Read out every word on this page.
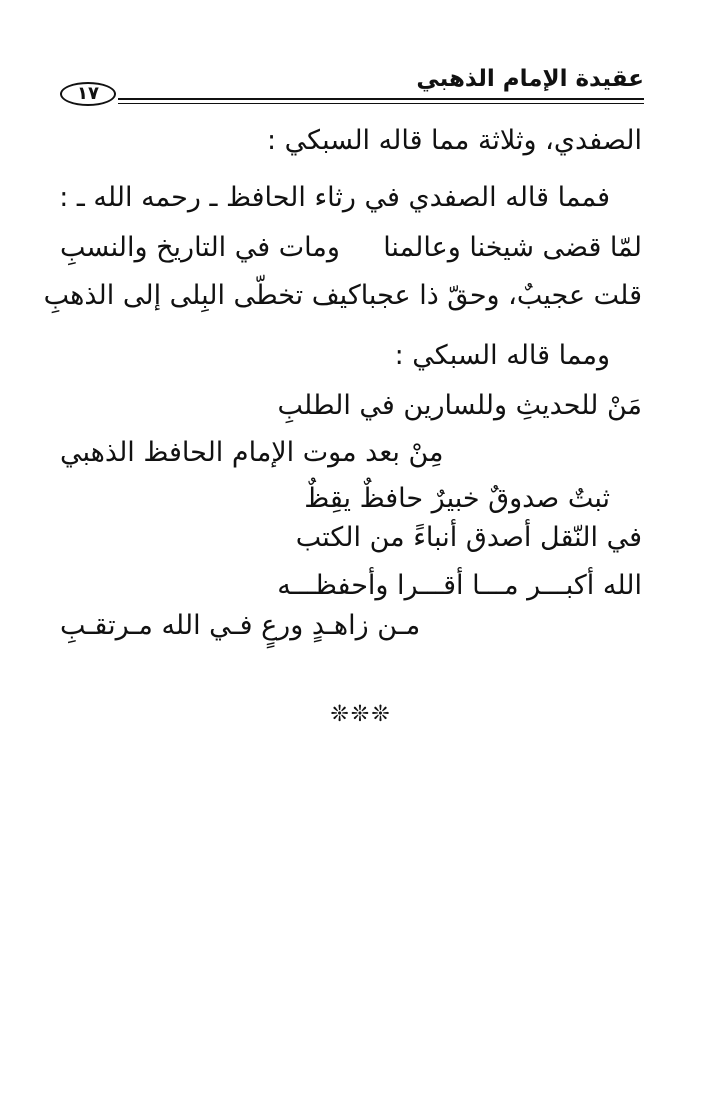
عقيدة الإمام الذهبي
١٧
الصفدي، وثلاثة مما قاله السبكي :
فمما قاله الصفدي في رثاء الحافظ ـ رحمه الله ـ :
لمّا قضى شيخنا وعالمنا
ومات في التاريخ والنسبِ
قلت عجيبٌ، وحقّ ذا عجبا
كيف تخطّى البِلى إلى الذهبِ
ومما قاله السبكي :
مَنْ للحديثِ وللسارين في الطلبِ
مِنْ بعد موت الإمام الحافظ الذهبي
ثبتٌ صدوقٌ خبيرٌ حافظٌ يقِظٌ
في النّقل أصدق أنباءً من الكتب
الله أكبـــر مـــا أقـــرا وأحفظـــه
مـن زاهـدٍ ورعٍ فـي الله مـرتقـبِ
❊❊❊
